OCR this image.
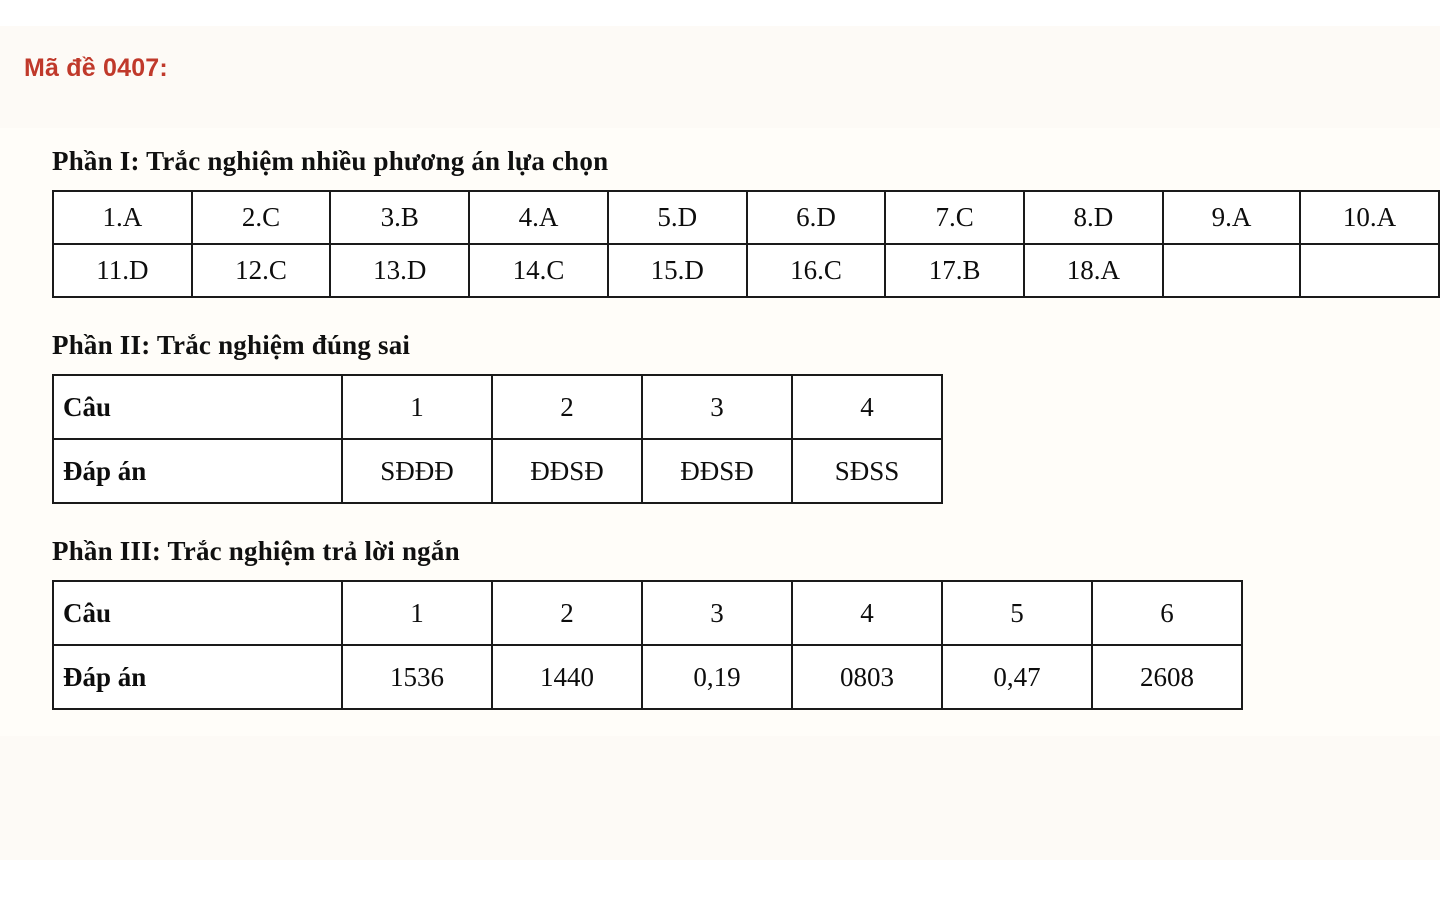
Mã đề 0407:
Phần I: Trắc nghiệm nhiều phương án lựa chọn
1.A	2.C	3.B	4.A	5.D	6.D	7.C	8.D	9.A	10.A
11.D	12.C	13.D	14.C	15.D	16.C	17.B	18.A		
Phần II: Trắc nghiệm đúng sai
Câu	1	2	3	4
Đáp án	SĐĐĐ	ĐĐSĐ	ĐĐSĐ	SĐSS
Phần III: Trắc nghiệm trả lời ngắn
Câu	1	2	3	4	5	6
Đáp án	1536	1440	0,19	0803	0,47	2608
